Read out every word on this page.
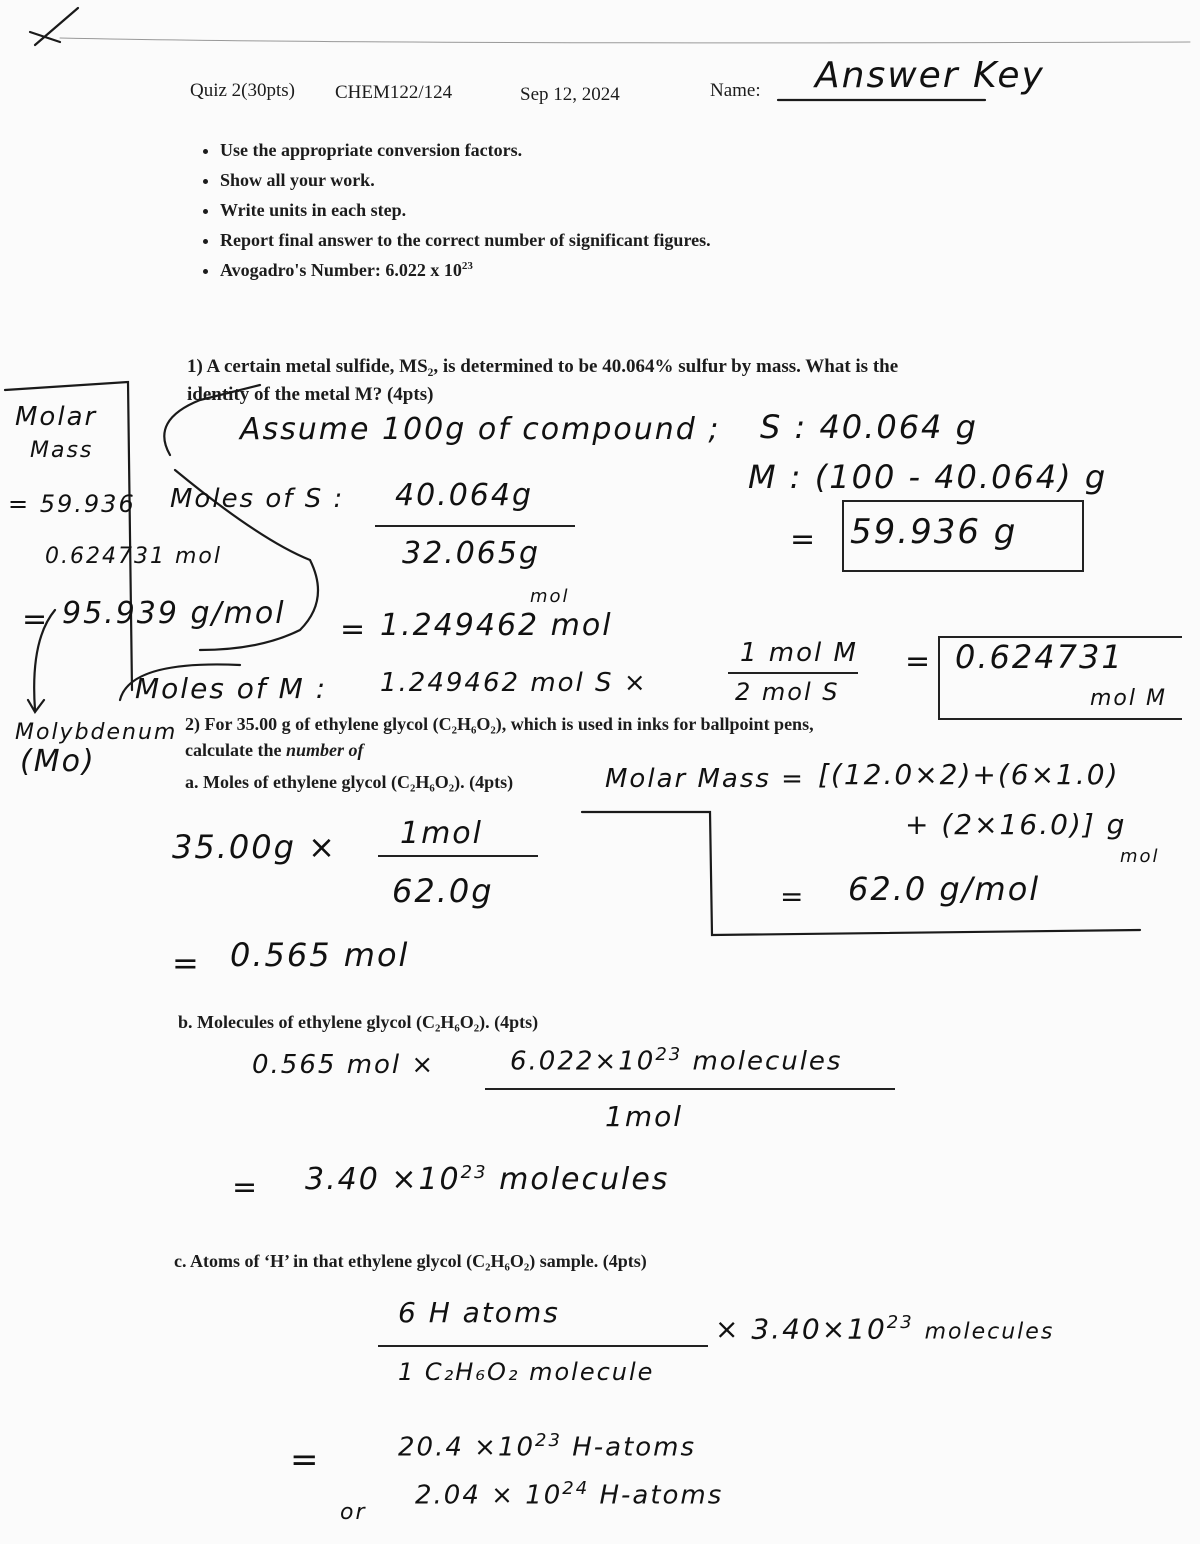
Quiz 2(30pts) CHEM122/124	Sep 12, 2024	Name: Answer Key
• Use the appropriate conversion factors.
• Show all your work.
• Write units in each step.
• Report final answer to the correct number of significant figures.
• Avogadro's Number: 6.022 x $10^{23}$
1) A certain metal sulfide, MS₂, is determined to be 40.064% sulfur by mass. What is the
identity of the metal M? (4pts)
Assume 100g of compound ; S : 40.064 g
M : (100 - 40.064) g
= 59.936 g
Moles of S : 40.064g
32.065g
mol
= 1.249462 mol
Moles of M : 1.249462 mol S ×
1 mol M
2 mol S
= 0.624731
mol M
Molar
Mass
= 59.936
0.624731 mol
= 95.939 g/mol
Molybdenum
(Mo)
2) For 35.00 g of ethylene glycol (C₂H₆O₂), which is used in inks for ballpoint pens,
calculate the number of
a. Moles of ethylene glycol (C₂H₆O₂). (4pts)	Molar Mass = [(12.0×2)+(6×1.0)
+ (2×16.0)] g
mol
= 62.0 g/mol
35.00g × 1mol
62.0g
= 0.565 mol
b. Molecules of ethylene glycol (C₂H₆O₂). (4pts)
0.565 mol ×	$6.022\times 10^{23}$ molecules
1mol
= $3.40 \times 10^{23}$ molecules
c. Atoms of ‘H’ in that ethylene glycol (C₂H₆O₂) sample. (4pts)
6 H atoms
1 C₂H₆O₂ molecule
× $3.40\times 10^{23}$ molecules
=	$20.4 \times 10^{23}$ H-atoms
or
$2.04 \times 10^{24}$ H-atoms
